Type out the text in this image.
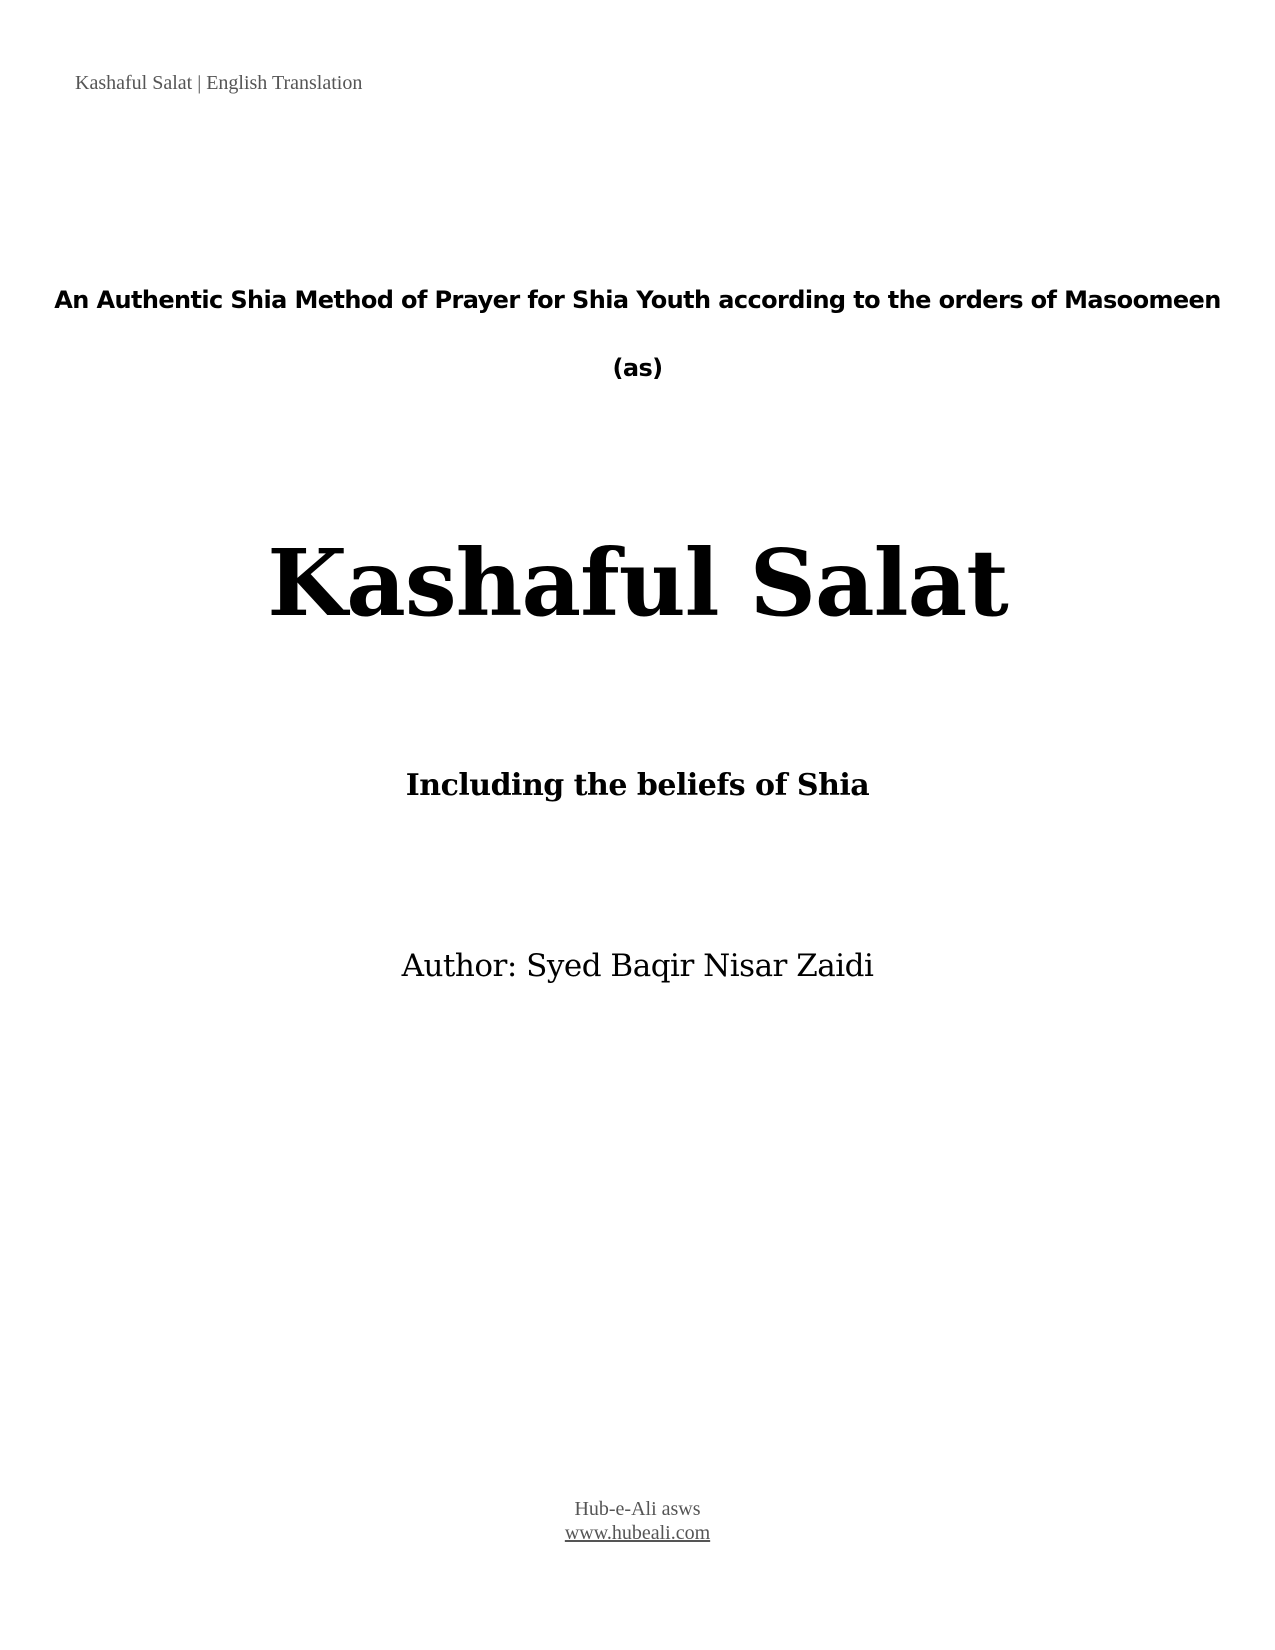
Kashaful Salat | English Translation
An Authentic Shia Method of Prayer for Shia Youth according to the orders of Masoomeen
(as)
Kashaful Salat
Including the beliefs of Shia
Author: Syed Baqir Nisar Zaidi
Hub-e-Ali asws
www.hubeali.com
